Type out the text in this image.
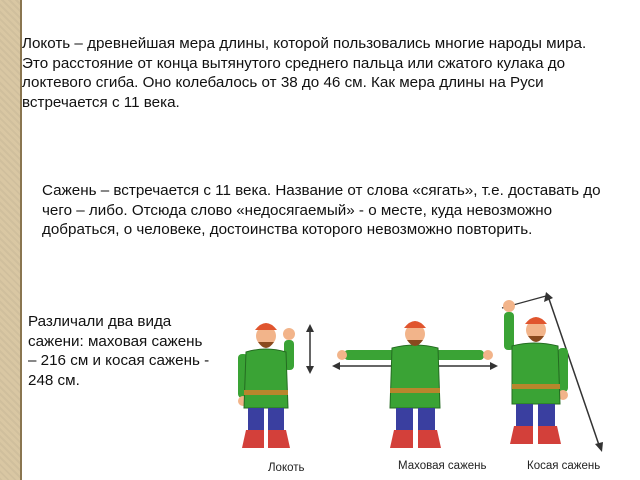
Локоть – древнейшая мера длины, которой пользовались многие народы мира. Это расстояние от конца вытянутого среднего пальца или сжатого кулака до локтевого сгиба. Оно колебалось от 38 до 46 см. Как мера длины на Руси встречается с 11 века.

Сажень – встречается с 11 века. Название от слова «сягать», т.е. доставать до чего – либо. Отсюда слово «недосягаемый» - о месте, куда невозможно добраться, о человеке, достоинства которого невозможно повторить.

Различали два вида сажени: маховая сажень – 216 см и косая сажень - 248 см.

Локоть	Маховая сажень	Косая сажень
